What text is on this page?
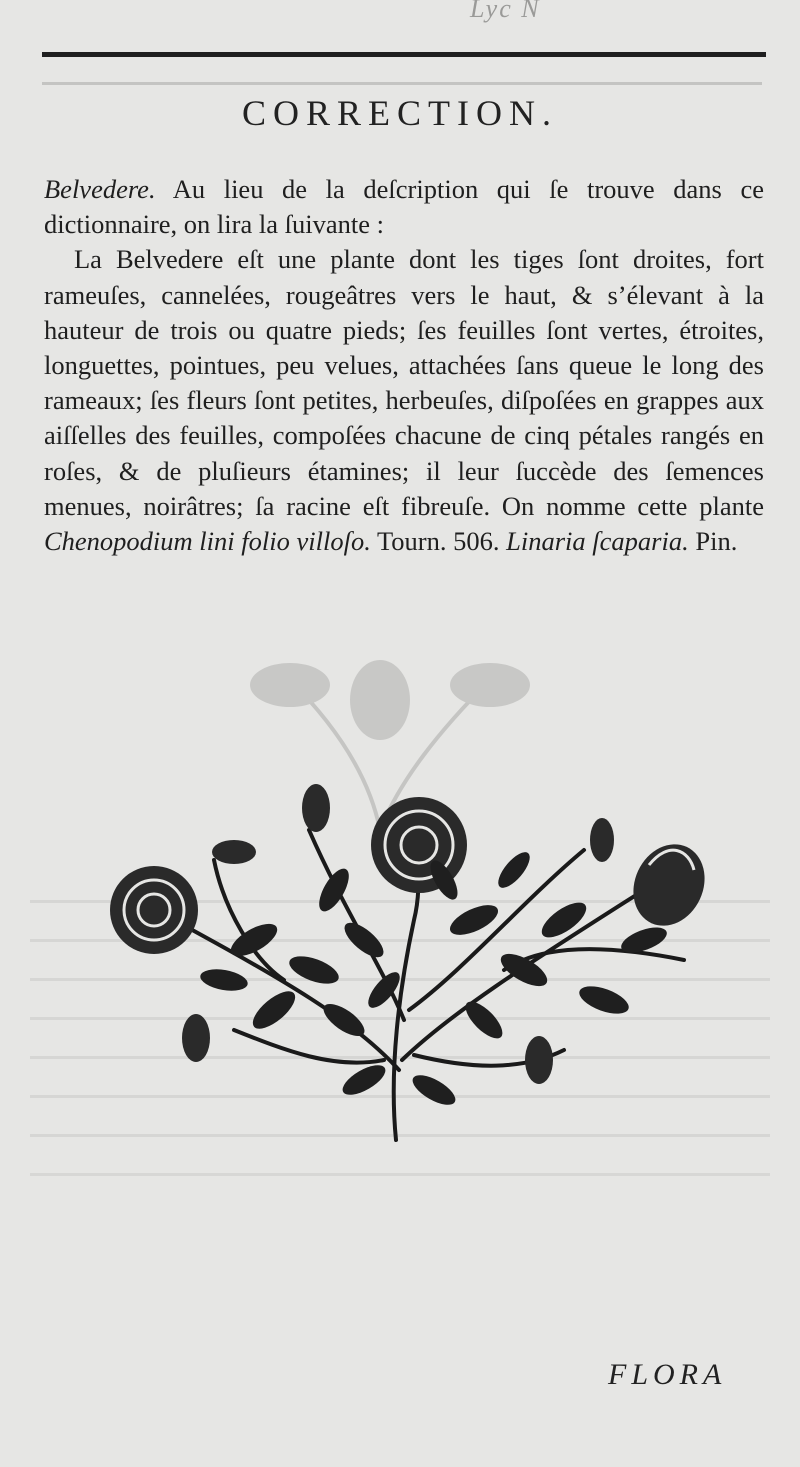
Lyc N
CORRECTION.

Belvedere. Au lieu de la deſcription qui ſe trouve dans ce dictionnaire, on lira la ſuivante :

La Belvedere eſt une plante dont les tiges ſont droites, fort rameuſes, cannelées, rougeâtres vers le haut, & s’élevant à la hauteur de trois ou quatre pieds; ſes feuilles ſont vertes, étroites, longuettes, pointues, peu velues, attachées ſans queue le long des rameaux; ſes fleurs ſont petites, herbeuſes, diſpoſées en grappes aux aiſſelles des feuilles, compoſées chacune de cinq pétales rangés en roſes, & de pluſieurs étamines; il leur ſuccède des ſemences menues, noirâtres; ſa racine eſt fibreuſe. On nomme cette plante Chenopodium lini folio villoſo. Tourn. 506. Linaria ſcaparia. Pin.

FLORA
